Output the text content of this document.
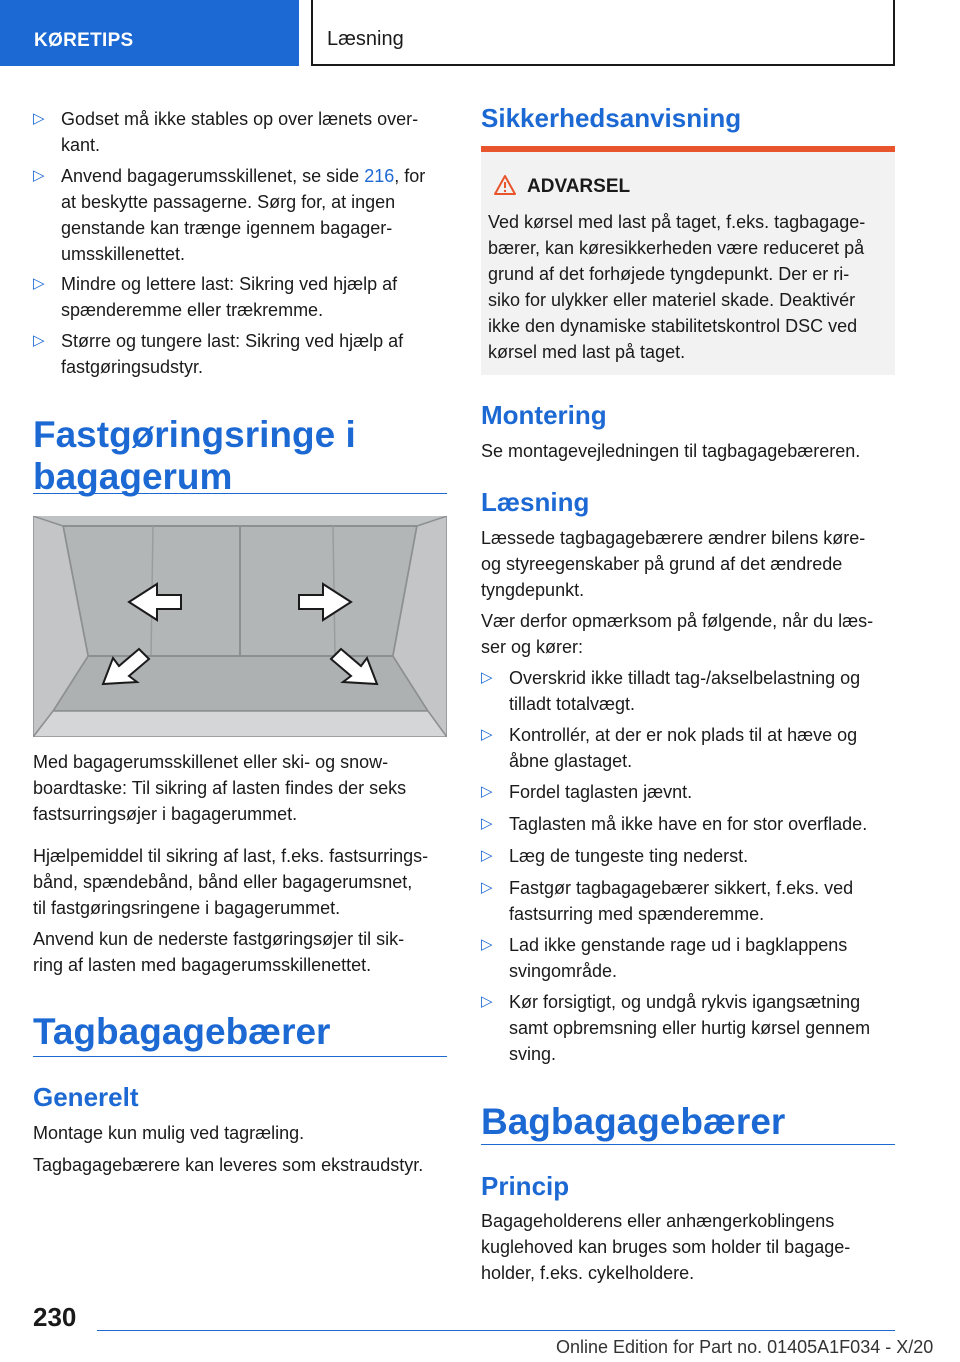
KØRETIPS	Læsning
▷ Godset må ikke stables op over lænets over-
kant.
▷ Anvend bagagerumsskillenet, se side 216, for
at beskytte passagerne. Sørg for, at ingen
genstande kan trænge igennem bagager-
umsskillenettet.
▷ Mindre og lettere last: Sikring ved hjælp af
spænderemme eller trækremme.
▷ Større og tungere last: Sikring ved hjælp af
fastgøringsudstyr.
Fastgøringsringe i
bagagerum

Med bagagerumsskillenet eller ski- og snow-
boardtaske: Til sikring af lasten findes der seks
fastsurringsøjer i bagagerummet.

Hjælpemiddel til sikring af last, f.eks. fastsurrings-
bånd, spændebånd, bånd eller bagagerumsnet,
til fastgøringsringene i bagagerummet.

Anvend kun de nederste fastgøringsøjer til sik-
ring af lasten med bagagerumsskillenettet.

Tagbagagebærer
Generelt

Montage kun mulig ved tagræling.

Tagbagagebærere kan leveres som ekstraudstyr.

Sikkerhedsanvisning
ADVARSEL
Ved kørsel med last på taget, f.eks. tagbagage-
bærer, kan køresikkerheden være reduceret på
grund af det forhøjede tyngdepunkt. Der er ri-
siko for ulykker eller materiel skade. Deaktivér
ikke den dynamiske stabilitetskontrol DSC ved
kørsel med last på taget.
Montering

Se montagevejledningen til tagbagagebæreren.

Læsning

Læssede tagbagagebærere ændrer bilens køre-
og styreegenskaber på grund af det ændrede
tyngdepunkt.

Vær derfor opmærksom på følgende, når du læs-
ser og kører:

▷ Overskrid ikke tilladt tag-/akselbelastning og
tilladt totalvægt.
▷ Kontrollér, at der er nok plads til at hæve og
åbne glastaget.
▷ Fordel taglasten jævnt.
▷ Taglasten må ikke have en for stor overflade.
▷ Læg de tungeste ting nederst.
▷ Fastgør tagbagagebærer sikkert, f.eks. ved
fastsurring med spænderemme.
▷ Lad ikke genstande rage ud i bagklappens
svingområde.
▷ Kør forsigtigt, og undgå rykvis igangsætning
samt opbremsning eller hurtig kørsel gennem
sving.
Bagbagagebærer
Princip

Bagageholderens eller anhængerkoblingens
kuglehoved kan bruges som holder til bagage-
holder, f.eks. cykelholdere.

230
Online Edition for Part no. 01405A1F034 - X/20
